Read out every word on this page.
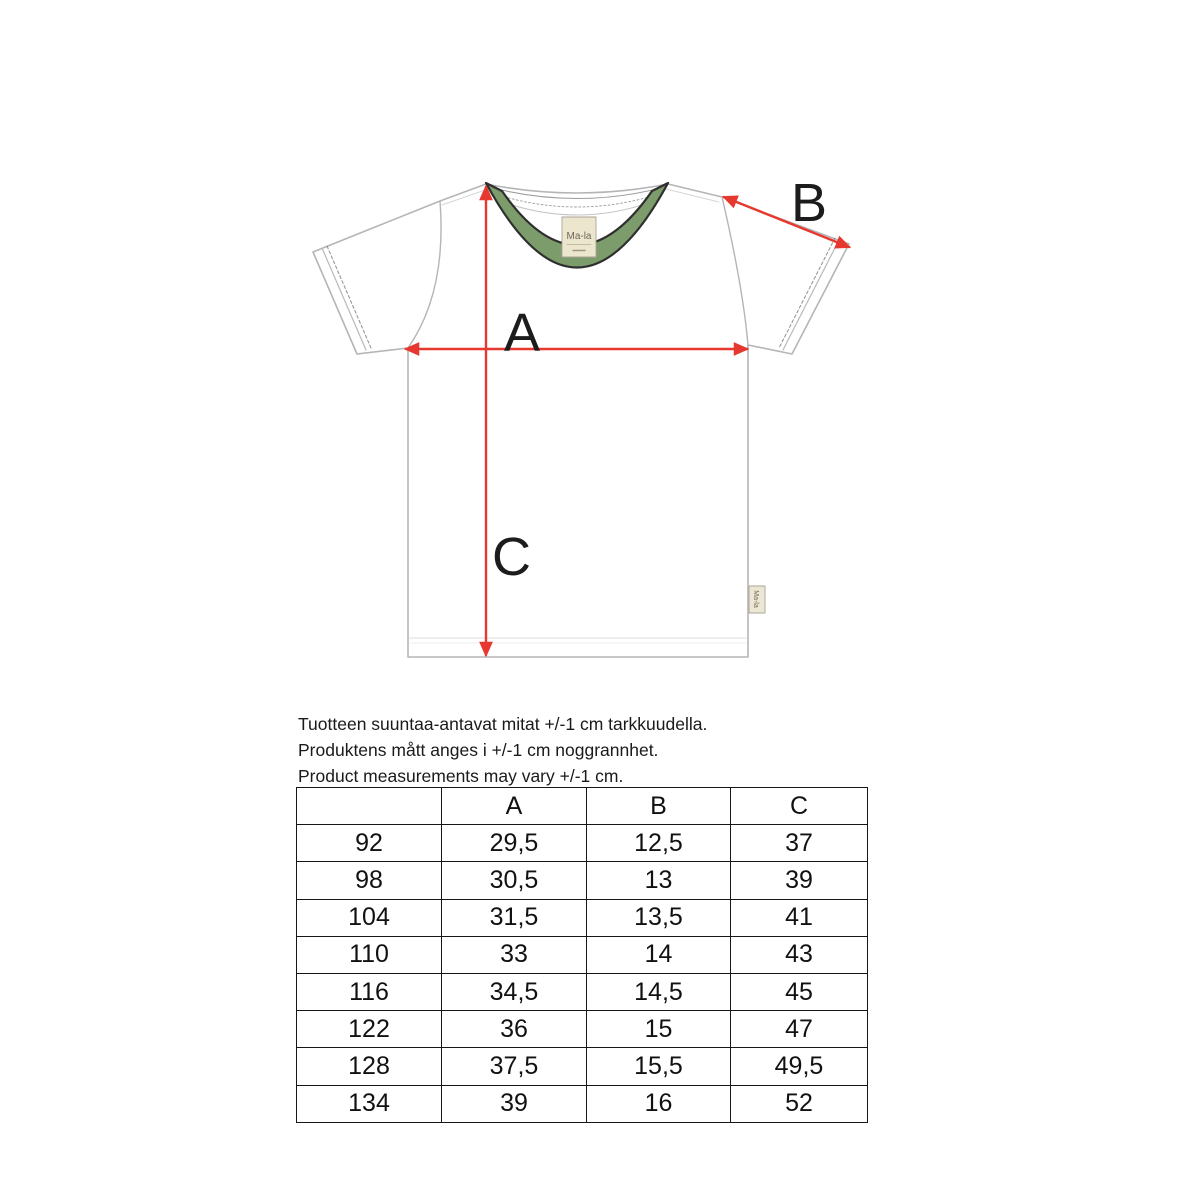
Ma-la
Ma-la
A
B
C
Tuotteen suuntaa-antavat mitat +/-1 cm tarkkuudella.
Produktens mått anges i +/-1 cm noggrannhet.
Product measurements may vary +/-1 cm.
	A	B	C
92	29,5	12,5	37
98	30,5	13	39
104	31,5	13,5	41
110	33	14	43
116	34,5	14,5	45
122	36	15	47
128	37,5	15,5	49,5
134	39	16	52
